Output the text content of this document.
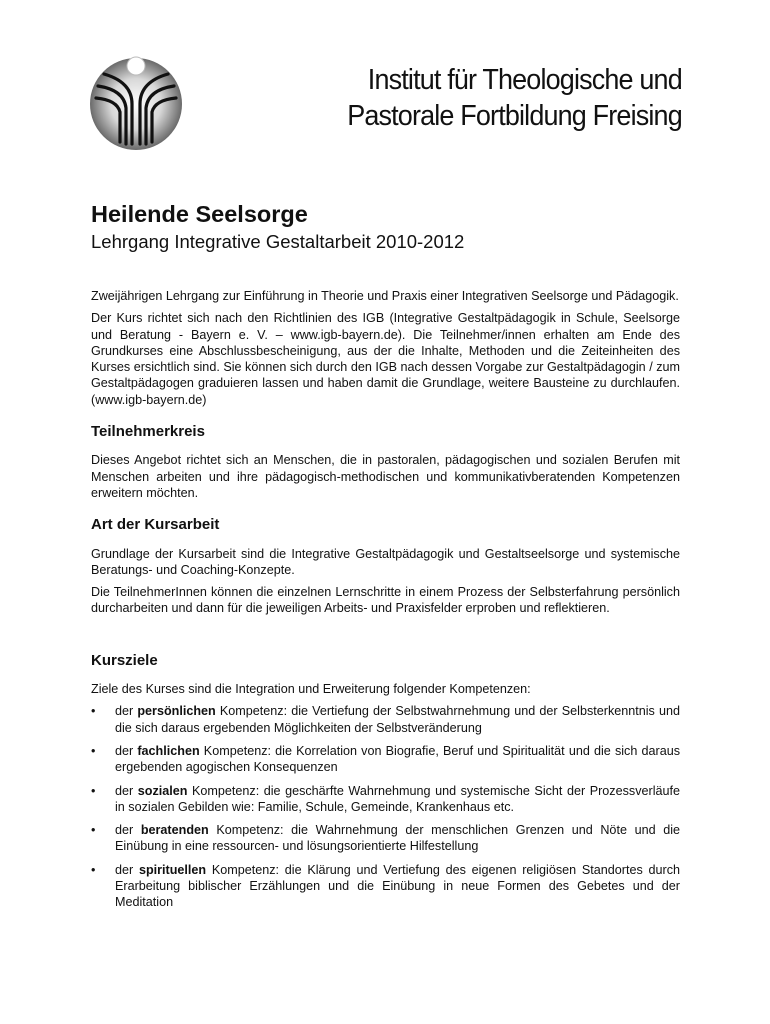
Institut für Theologische und
Pastorale Fortbildung Freising
Heilende Seelsorge
Lehrgang Integrative Gestaltarbeit 2010-2012

Zweijährigen Lehrgang zur Einführung in Theorie und Praxis einer Integrativen Seelsorge und Pädagogik.

Der Kurs richtet sich nach den Richtlinien des IGB (Integrative Gestaltpädagogik in Schule, Seelsorge und Beratung - Bayern e. V. – www.igb-bayern.de). Die Teilnehmer/innen erhalten am Ende des Grundkurses eine Abschlussbescheinigung, aus der die Inhalte, Methoden und die Zeiteinheiten des Kurses ersichtlich sind. Sie können sich durch den IGB nach dessen Vorgabe zur Gestaltpädagogin / zum Gestaltpädagogen graduieren lassen und haben damit die Grundlage, weitere Bausteine zu durchlaufen. (www.igb-bayern.de)

Teilnehmerkreis

Dieses Angebot richtet sich an Menschen, die in pastoralen, pädagogischen und sozialen Berufen mit Menschen arbeiten und ihre pädagogisch-methodischen und kommunikativberatenden Kompetenzen erweitern möchten.

Art der Kursarbeit

Grundlage der Kursarbeit sind die Integrative Gestaltpädagogik und Gestaltseelsorge und systemische Beratungs- und Coaching-Konzepte.

Die TeilnehmerInnen können die einzelnen Lernschritte in einem Prozess der Selbsterfahrung persönlich durcharbeiten und dann für die jeweiligen Arbeits- und Praxisfelder erproben und reflektieren.

Kursziele

Ziele des Kurses sind die Integration und Erweiterung folgender Kompetenzen:

• der persönlichen Kompetenz: die Vertiefung der Selbstwahrnehmung und der Selbsterkenntnis und die sich daraus ergebenden Möglichkeiten der Selbstveränderung
• der fachlichen Kompetenz: die Korrelation von Biografie, Beruf und Spiritualität und die sich daraus ergebenden agogischen Konsequenzen
• der sozialen Kompetenz: die geschärfte Wahrnehmung und systemische Sicht der Prozessverläufe in sozialen Gebilden wie: Familie, Schule, Gemeinde, Krankenhaus etc.
• der beratenden Kompetenz: die Wahrnehmung der menschlichen Grenzen und Nöte und die Einübung in eine ressourcen- und lösungsorientierte Hilfestellung
• der spirituellen Kompetenz: die Klärung und Vertiefung des eigenen religiösen Standortes durch Erarbeitung biblischer Erzählungen und die Einübung in neue Formen des Gebetes und der Meditation
